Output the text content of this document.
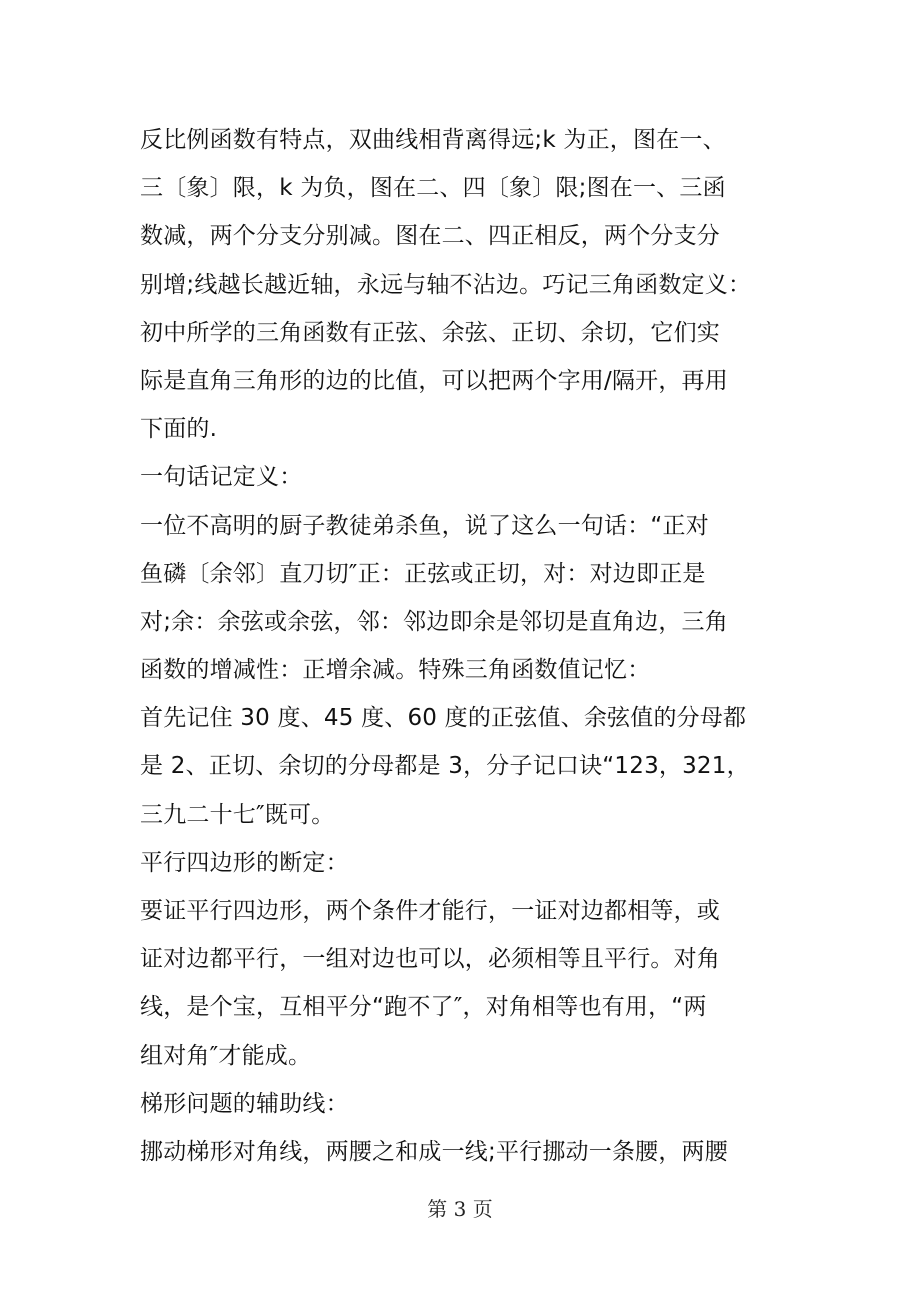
反比例函数有特点，双曲线相背离得远;k 为正，图在一、
三〔象〕限，k 为负，图在二、四〔象〕限;图在一、三函
数减，两个分支分别减。图在二、四正相反，两个分支分
别增;线越长越近轴，永远与轴不沾边。巧记三角函数定义：
初中所学的三角函数有正弦、余弦、正切、余切，它们实
际是直角三角形的边的比值，可以把两个字用/隔开，再用
下面的.
一句话记定义：
一位不高明的厨子教徒弟杀鱼，说了这么一句话：“正对
鱼磷〔余邻〕直刀切″正：正弦或正切，对：对边即正是
对;余：余弦或余弦，邻：邻边即余是邻切是直角边，三角
函数的增减性：正增余减。特殊三角函数值记忆：
首先记住 30 度、45 度、60 度的正弦值、余弦值的分母都
是 2、正切、余切的分母都是 3，分子记口诀“123，321，
三九二十七″既可。
平行四边形的断定：
要证平行四边形，两个条件才能行，一证对边都相等，或
证对边都平行，一组对边也可以，必须相等且平行。对角
线，是个宝，互相平分“跑不了″，对角相等也有用，“两
组对角″才能成。
梯形问题的辅助线：
挪动梯形对角线，两腰之和成一线;平行挪动一条腰，两腰
第 3 页
